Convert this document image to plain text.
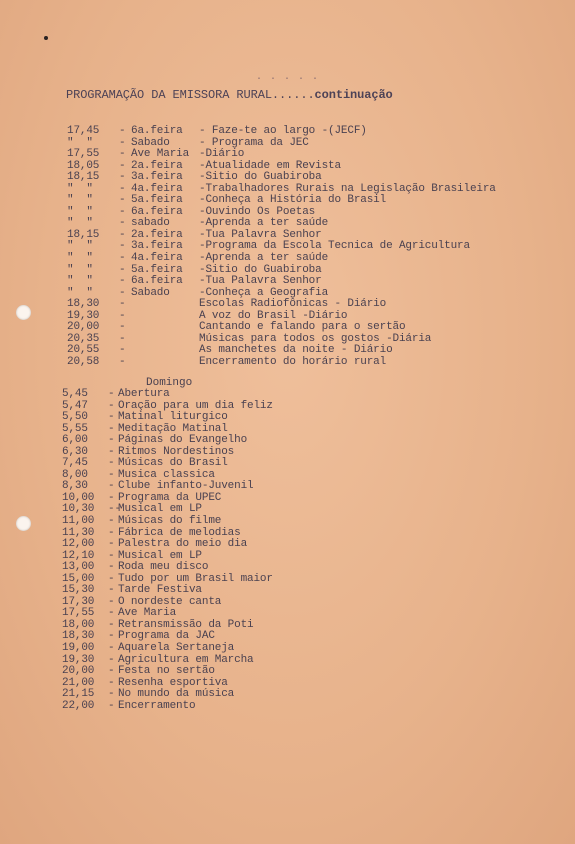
· · · · ·
PROGRAMAÇÃO DA EMISSORA RURAL......continuação
17,45 - 6a.feira - Faze-te ao largo -(JECF)
"  " - Sabado	- Programa da JEC
17,55 - Ave Maria -Diário
18,05 - 2a.feira -Atualidade em Revista
18,15 - 3a.feira -Sitio do Guabiroba
"  " - 4a.feira -Trabalhadores Rurais na Legislação Brasileira
"  " - 5a.feira -Conheça a História do Brasil
"  " - 6a.feira -Ouvindo Os Poetas
"  " - sabado	-Aprenda a ter saúde
18,15 - 2a.feira -Tua Palavra Senhor
"  " - 3a.feira -Programa da Escola Tecnica de Agricultura
"  " - 4a.feira -Aprenda a ter saúde
"  " - 5a.feira -Sitio do Guabiroba
"  " - 6a.feira -Tua Palavra Senhor
"  " - Sabado	-Conheça a Geografia
18,30 -	Escolas Radiofônicas - Diário
19,30 -	A voz do Brasil -Diário
20,00 -	Cantando e falando para o sertão
20,35 -	Músicas para todos os gostos -Diária
20,55 -	As manchetes da noite - Diário
20,58 -	Encerramento do horário rural
Domingo
5,45 - Abertura
5,47 - Oração para um dia feliz
5,50 - Matinal liturgico
5,55 - Meditação Matinal
6,00 - Páginas do Evangelho
6,30 - Ritmos Nordestinos
7,45 - Músicas do Brasil
8,00 - Musica classica
8,30 - Clube infanto-Juvenil
10,00 - Programa da UPEC
10,30 --Musical em LP
11,00 - Músicas do filme
11,30 - Fábrica de melodias
12,00 - Palestra do meio dia
12,10 - Musical em LP
13,00 - Roda meu disco
15,00 - Tudo por um Brasil maior
15,30 - Tarde Festiva
17,30 - O nordeste canta
17,55 - Ave Maria
18,00 - Retransmissão da Poti
18,30 - Programa da JAC
19,00 - Aquarela Sertaneja
19,30 - Agricultura em Marcha
20,00 - Festa no sertão
21,00 - Resenha esportiva
21,15 - No mundo da música
22,00 - Encerramento
